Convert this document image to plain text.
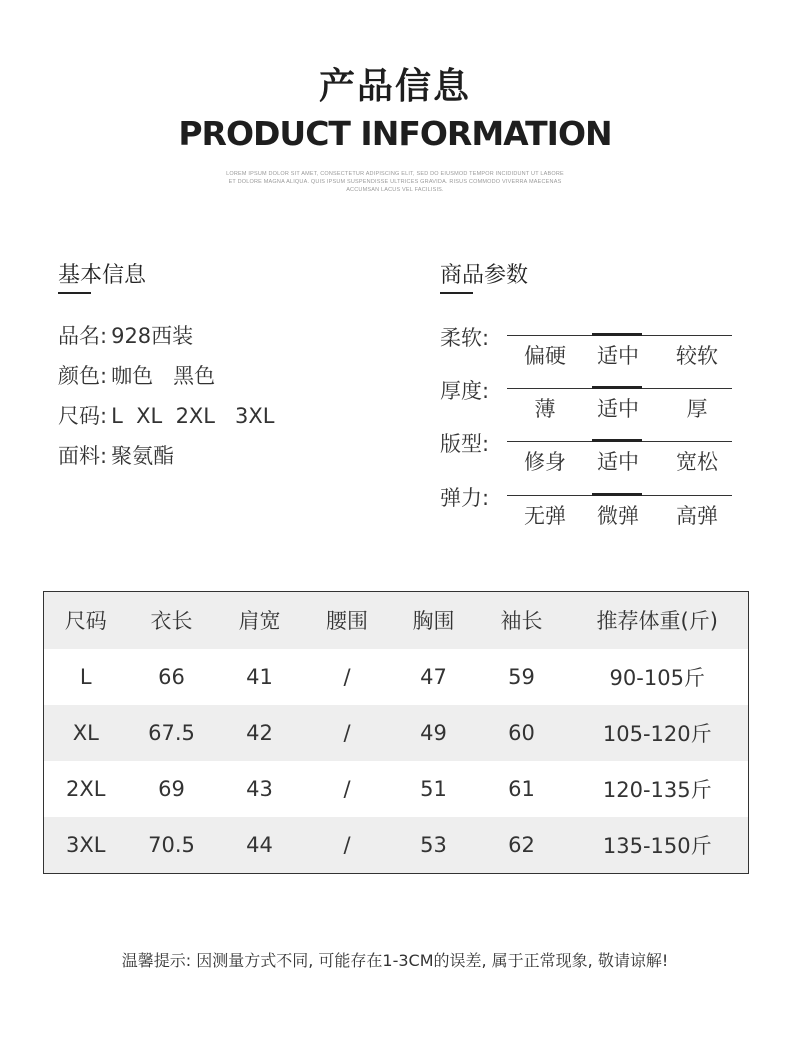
产品信息
PRODUCT INFORMATION
LOREM IPSUM DOLOR SIT AMET, CONSECTETUR ADIPISCING ELIT, SED DO EIUSMOD TEMPOR INCIDIDUNT UT LABORE ET DOLORE MAGNA ALIQUA. QUIS IPSUM SUSPENDISSE ULTRICES GRAVIDA. RISUS COMMODO VIVERRA MAECENAS ACCUMSAN LACUS VEL FACILISIS.
基本信息
品名: 928西装
颜色: 咖色   黑色
尺码: L  XL  2XL   3XL
面料: 聚氨酯
商品参数
柔软:
偏硬	适中	较软
厚度:
薄	适中	厚
版型:
修身	适中	宽松
弹力:
无弹	微弹	高弹
尺码	衣长	肩宽	腰围	胸围	袖长	推荐体重(斤)
L	66	41	/	47	59	90-105斤
XL	67.5	42	/	49	60	105-120斤
2XL	69	43	/	51	61	120-135斤
3XL	70.5	44	/	53	62	135-150斤
温馨提示: 因测量方式不同, 可能存在1-3CM的误差, 属于正常现象, 敬请谅解!
